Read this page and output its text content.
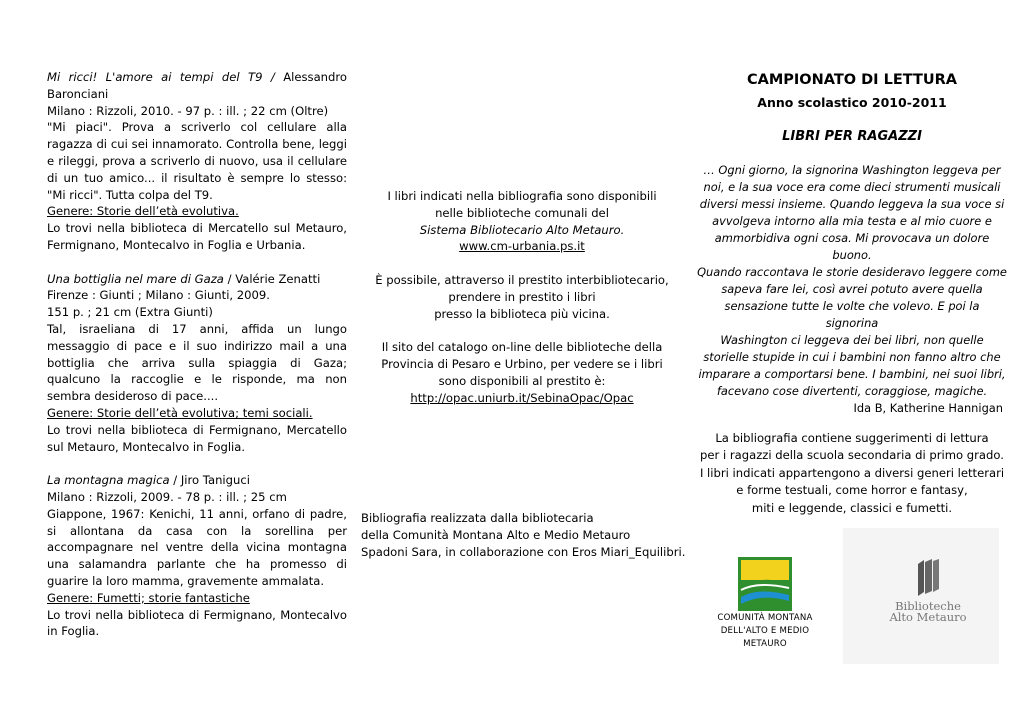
Mi ricci! L'amore ai tempi del T9 / Alessandro Baronciani

Milano : Rizzoli, 2010. - 97 p. : ill. ; 22 cm (Oltre)

"Mi piaci". Prova a scriverlo col cellulare alla ragazza di cui sei innamorato. Controlla bene, leggi e rileggi, prova a scriverlo di nuovo, usa il cellulare di un tuo amico... il risultato è sempre lo stesso: "Mi ricci". Tutta colpa del T9.

Genere: Storie dell’età evolutiva.

Lo trovi nella biblioteca di Mercatello sul Metauro, Fermignano, Montecalvo in Foglia e Urbania.

Una bottiglia nel mare di Gaza / Valérie Zenatti

Firenze : Giunti ; Milano : Giunti, 2009.

151 p. ; 21 cm (Extra Giunti)

Tal, israeliana di 17 anni, affida un lungo messaggio di pace e il suo indirizzo mail a una bottiglia che arriva sulla spiaggia di Gaza; qualcuno la raccoglie e le risponde, ma non sembra desideroso di pace....

Genere: Storie dell’età evolutiva; temi sociali.

Lo trovi nella biblioteca di Fermignano, Mercatello sul Metauro, Montecalvo in Foglia.

La montagna magica / Jiro Taniguci

Milano : Rizzoli, 2009. - 78 p. : ill. ; 25 cm

Giappone, 1967: Kenichi, 11 anni, orfano di padre, si allontana da casa con la sorellina per accompagnare nel ventre della vicina montagna una salamandra parlante che ha promesso di guarire la loro mamma, gravemente ammalata.

Genere: Fumetti; storie fantastiche

Lo trovi nella biblioteca di Fermignano, Montecalvo in Foglia.

I libri indicati nella bibliografia sono disponibili
nelle biblioteche comunali del
Sistema Bibliotecario Alto Metauro.
www.cm-urbania.ps.it

È possibile, attraverso il prestito interbibliotecario,
prendere in prestito i libri
presso la biblioteca più vicina.

Il sito del catalogo on-line delle biblioteche della
Provincia di Pesaro e Urbino, per vedere se i libri
sono disponibili al prestito è:
http://opac.uniurb.it/SebinaOpac/Opac

Bibliografia realizzata dalla bibliotecaria

della Comunità Montana Alto e Medio Metauro

Spadoni Sara, in collaborazione con Eros Miari_Equilibri.

CAMPIONATO DI LETTURA
Anno scolastico 2010-2011
LIBRI PER RAGAZZI

… Ogni giorno, la signorina Washington leggeva per

noi, e la sua voce era come dieci strumenti musicali

diversi messi insieme. Quando leggeva la sua voce si

avvolgeva intorno alla mia testa e al mio cuore e

ammorbidiva ogni cosa. Mi provocava un dolore buono.

Quando raccontava le storie desideravo leggere come

sapeva fare lei, così avrei potuto avere quella

sensazione tutte le volte che volevo. E poi la signorina

Washington ci leggeva dei bei libri, non quelle

storielle stupide in cui i bambini non fanno altro che

imparare a comportarsi bene. I bambini, nei suoi libri,

facevano cose divertenti, coraggiose, magiche.

Ida B, Katherine Hannigan

La bibliografia contiene suggerimenti di lettura

per i ragazzi della scuola secondaria di primo grado.

I libri indicati appartengono a diversi generi letterari

e forme testuali, come horror e fantasy,

miti e leggende, classici e fumetti.

COMUNITÀ MONTANA
DELL'ALTO E MEDIO
METAURO
Biblioteche
Alto Metauro
